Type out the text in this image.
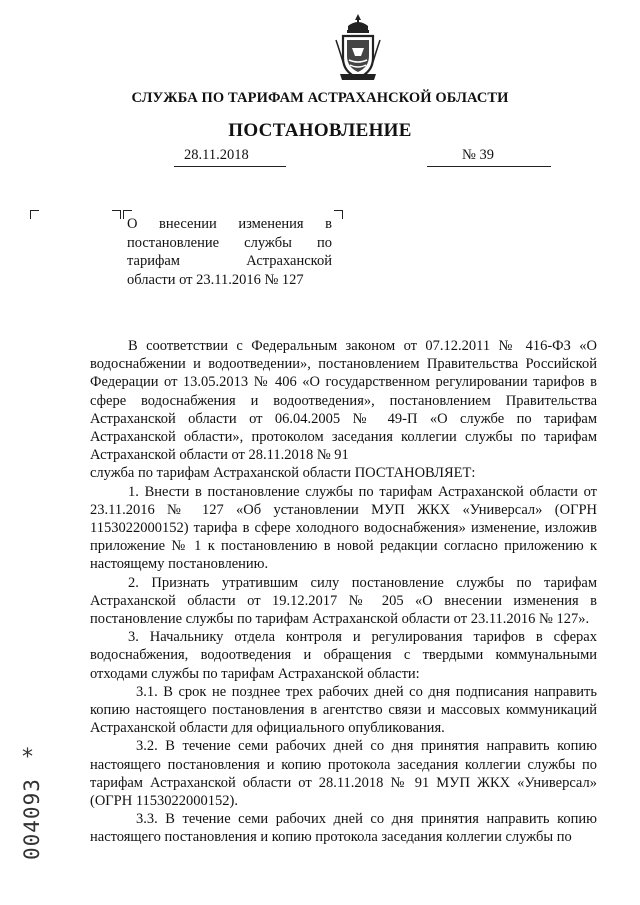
СЛУЖБА ПО ТАРИФАМ АСТРАХАНСКОЙ ОБЛАСТИ
ПОСТАНОВЛЕНИЕ
28.11.2018	№ 39
О внесении изменения в
постановление службы по
тарифам Астраханской
области от 23.11.2016 № 127

В соответствии с Федеральным законом от 07.12.2011 № 416-ФЗ «О водоснабжении и водоотведении», постановлением Правительства Российской Федерации от 13.05.2013 № 406 «О государственном регулировании тарифов в сфере водоснабжения и водоотведения», постановлением Правительства Астраханской области от 06.04.2005 № 49-П «О службе по тарифам Астраханской области», протоколом заседания коллегии службы по тарифам Астраханской области от 28.11.2018 № 91

служба по тарифам Астраханской области ПОСТАНОВЛЯЕТ:

1. Внести в постановление службы по тарифам Астраханской области от 23.11.2016 № 127 «Об установлении МУП ЖКХ «Универсал» (ОГРН 1153022000152) тарифа в сфере холодного водоснабжения» изменение, изложив приложение № 1 к постановлению в новой редакции согласно приложению к настоящему постановлению.

2. Признать утратившим силу постановление службы по тарифам Астраханской области от 19.12.2017 № 205 «О внесении изменения в постановление службы по тарифам Астраханской области от 23.11.2016 № 127».

3. Начальнику отдела контроля и регулирования тарифов в сферах водоснабжения, водоотведения и обращения с твердыми коммунальными отходами службы по тарифам Астраханской области:

3.1. В срок не позднее трех рабочих дней со дня подписания направить копию настоящего постановления в агентство связи и массовых коммуникаций Астраханской области для официального опубликования.

3.2. В течение семи рабочих дней со дня принятия направить копию настоящего постановления и копию протокола заседания коллегии службы по тарифам Астраханской области от 28.11.2018 № 91 МУП ЖКХ «Универсал» (ОГРН 1153022000152).

3.3. В течение семи рабочих дней со дня принятия направить копию настоящего постановления и копию протокола заседания коллегии службы по

*
004093
